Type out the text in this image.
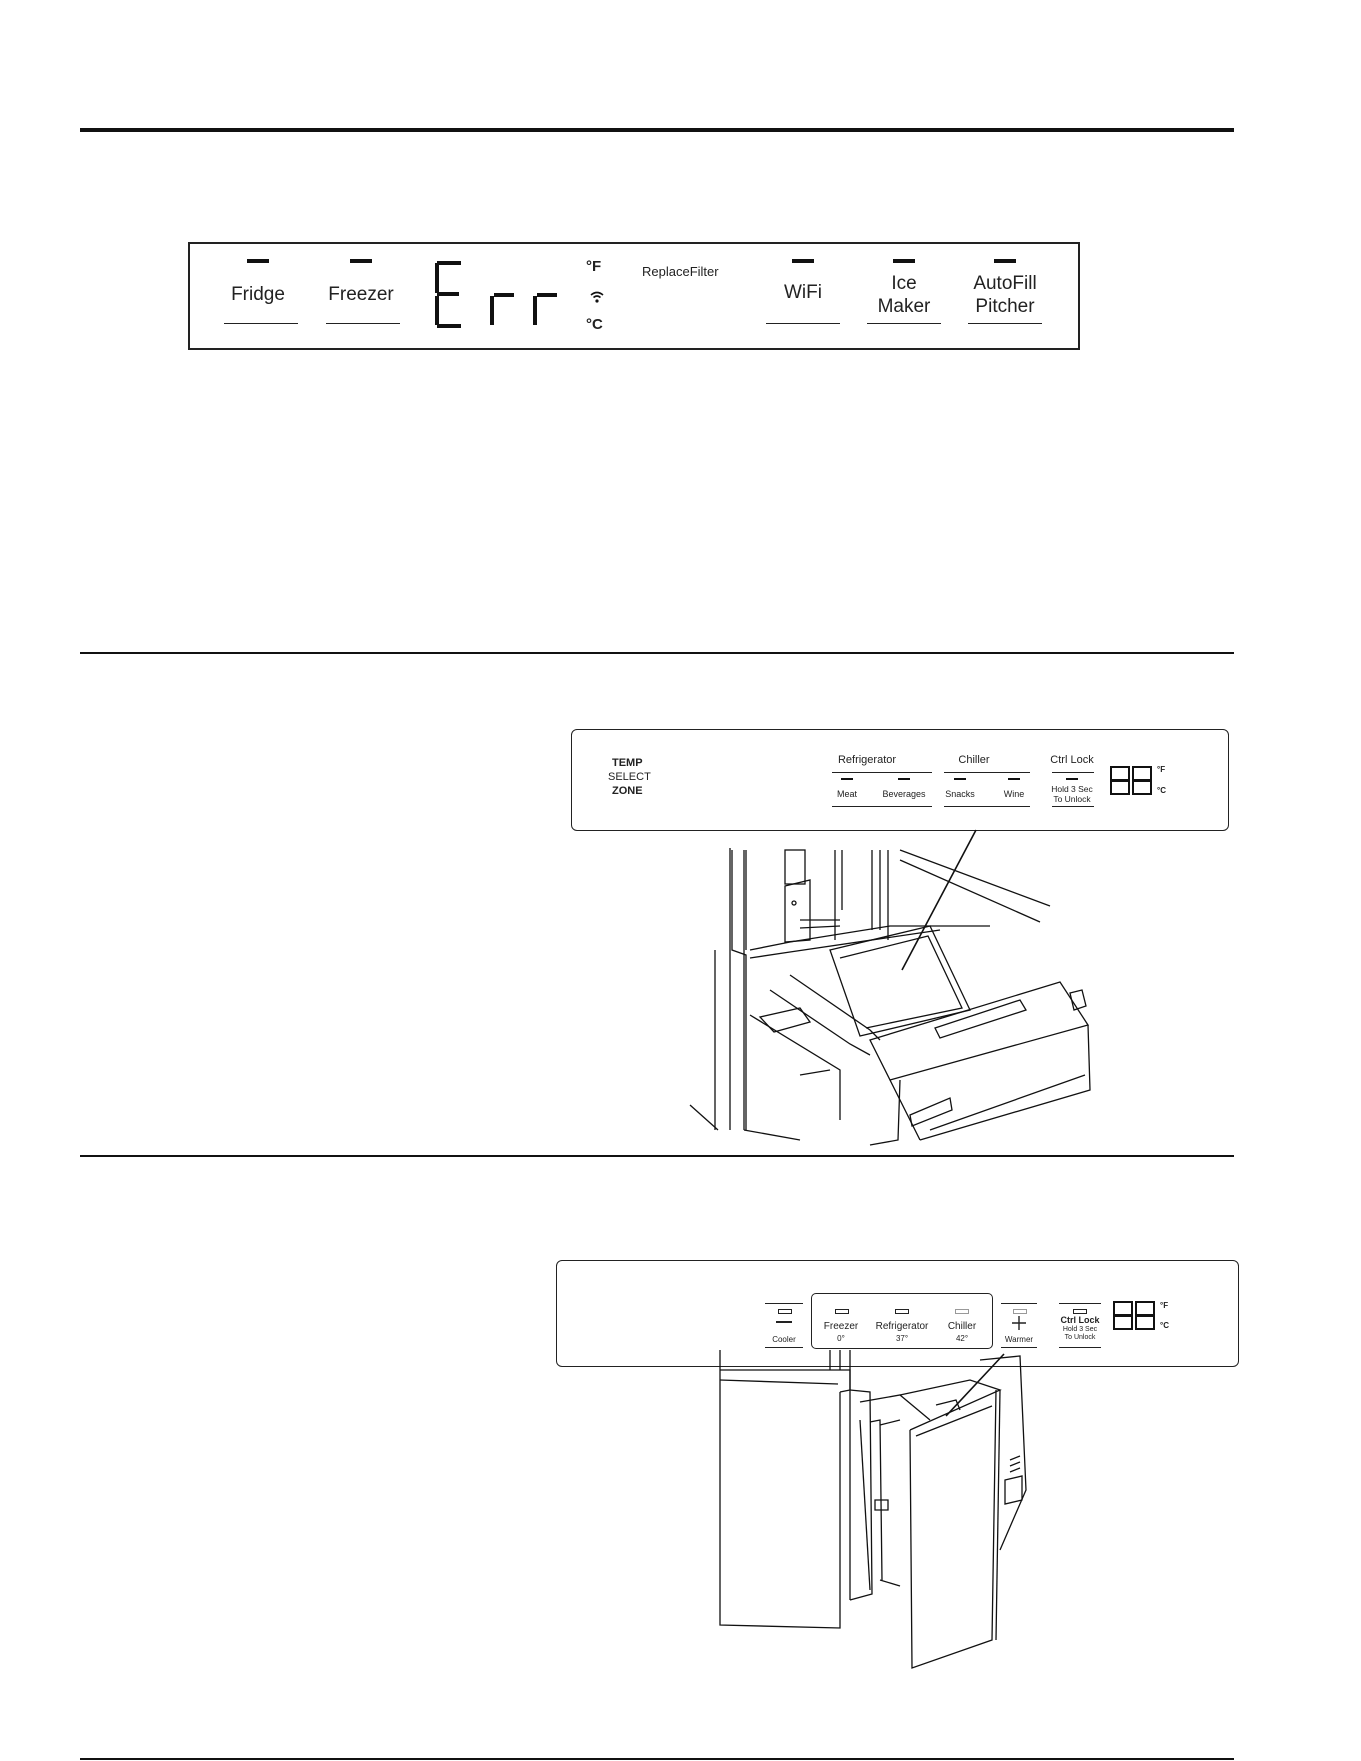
Fridge	Freezer
°F
°C
ReplaceFilter
WiFi	Ice
Maker
AutoFill
Pitcher
TEMP
SELECT
ZONE
Refrigerator
Meat	Beverages
Chiller
Snacks	Wine
Ctrl Lock
Hold 3 Sec
To Unlock
°F
°C
Cooler
Freezer
0°
Refrigerator
37°
Chiller
42°	Warmer
Ctrl Lock
Hold 3 Sec
To Unlock
°F
°C
